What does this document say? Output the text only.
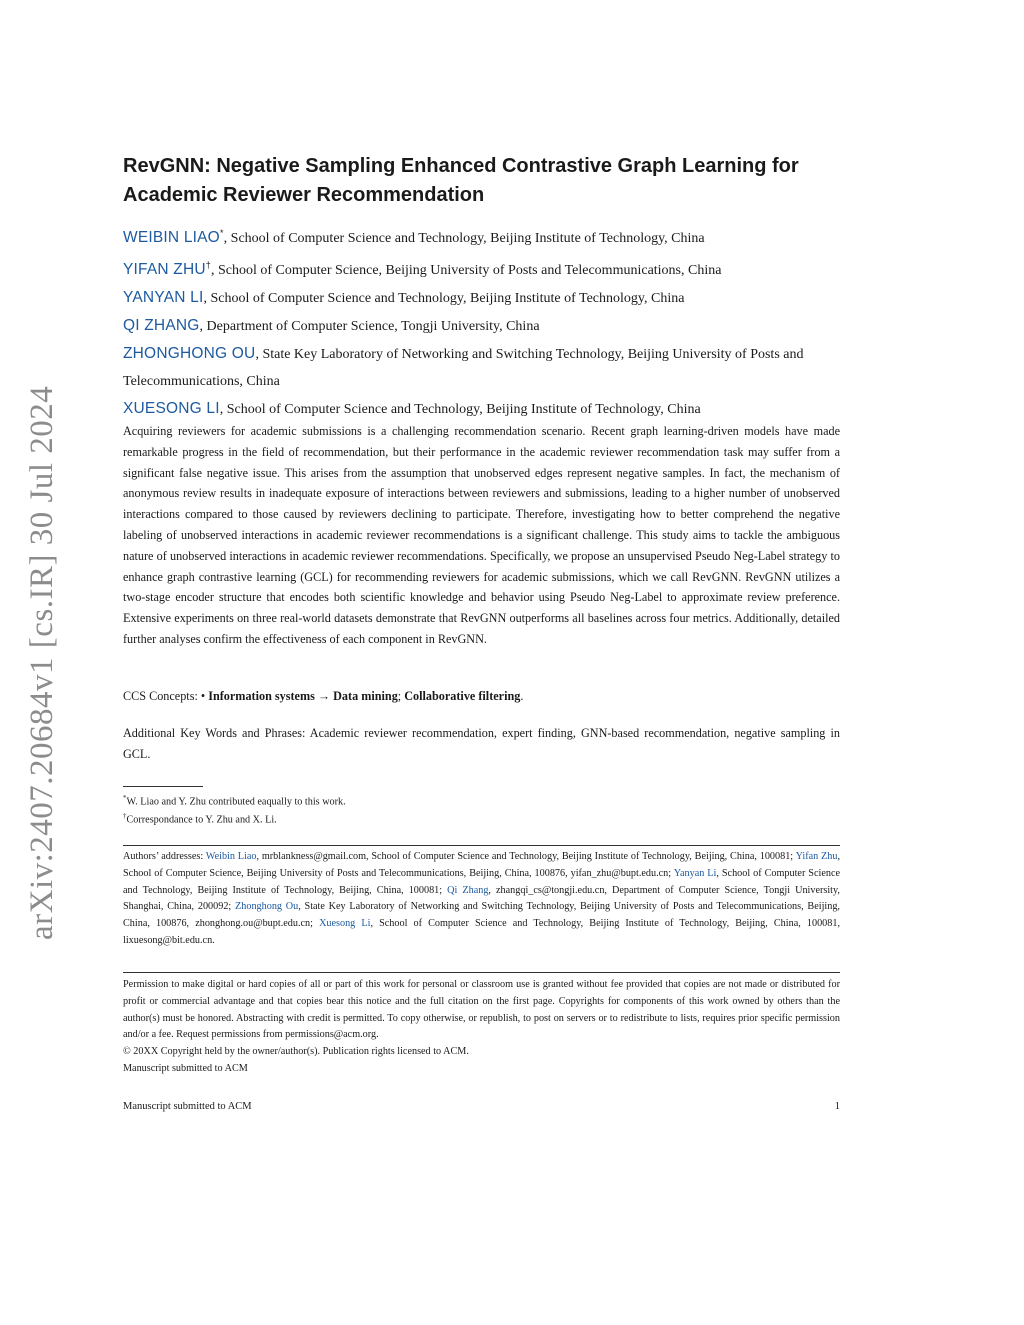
arXiv:2407.20684v1 [cs.IR] 30 Jul 2024
RevGNN: Negative Sampling Enhanced Contrastive Graph Learning for Academic Reviewer Recommendation
WEIBIN LIAO*, School of Computer Science and Technology, Beijing Institute of Technology, China
YIFAN ZHU†, School of Computer Science, Beijing University of Posts and Telecommunications, China
YANYAN LI, School of Computer Science and Technology, Beijing Institute of Technology, China
QI ZHANG, Department of Computer Science, Tongji University, China
ZHONGHONG OU, State Key Laboratory of Networking and Switching Technology, Beijing University of Posts and Telecommunications, China
XUESONG LI, School of Computer Science and Technology, Beijing Institute of Technology, China

Acquiring reviewers for academic submissions is a challenging recommendation scenario. Recent graph learning-driven models have made remarkable progress in the field of recommendation, but their performance in the academic reviewer recommendation task may suffer from a significant false negative issue. This arises from the assumption that unobserved edges represent negative samples. In fact, the mechanism of anonymous review results in inadequate exposure of interactions between reviewers and submissions, leading to a higher number of unobserved interactions compared to those caused by reviewers declining to participate. Therefore, investigating how to better comprehend the negative labeling of unobserved interactions in academic reviewer recommendations is a significant challenge. This study aims to tackle the ambiguous nature of unobserved interactions in academic reviewer recommendations. Specifically, we propose an unsupervised Pseudo Neg-Label strategy to enhance graph contrastive learning (GCL) for recommending reviewers for academic submissions, which we call RevGNN. RevGNN utilizes a two-stage encoder structure that encodes both scientific knowledge and behavior using Pseudo Neg-Label to approximate review preference. Extensive experiments on three real-world datasets demonstrate that RevGNN outperforms all baselines across four metrics. Additionally, detailed further analyses confirm the effectiveness of each component in RevGNN.

CCS Concepts: • Information systems → Data mining; Collaborative filtering.
Additional Key Words and Phrases: Academic reviewer recommendation, expert finding, GNN-based recommendation, negative sampling in GCL.
*W. Liao and Y. Zhu contributed eaqually to this work.
†Correspondance to Y. Zhu and X. Li.
Authors’ addresses: Weibin Liao, mrblankness@gmail.com, School of Computer Science and Technology, Beijing Institute of Technology, Beijing, China, 100081; Yifan Zhu, School of Computer Science, Beijing University of Posts and Telecommunications, Beijing, China, 100876, yifan_zhu@bupt.edu.cn; Yanyan Li, School of Computer Science and Technology, Beijing Institute of Technology, Beijing, China, 100081; Qi Zhang, zhangqi_cs@tongji.edu.cn, Department of Computer Science, Tongji University, Shanghai, China, 200092; Zhonghong Ou, State Key Laboratory of Networking and Switching Technology, Beijing University of Posts and Telecommunications, Beijing, China, 100876, zhonghong.ou@bupt.edu.cn; Xuesong Li, School of Computer Science and Technology, Beijing Institute of Technology, Beijing, China, 100081, lixuesong@bit.edu.cn.
Permission to make digital or hard copies of all or part of this work for personal or classroom use is granted without fee provided that copies are not made or distributed for profit or commercial advantage and that copies bear this notice and the full citation on the first page. Copyrights for components of this work owned by others than the author(s) must be honored. Abstracting with credit is permitted. To copy otherwise, or republish, to post on servers or to redistribute to lists, requires prior specific permission and/or a fee. Request permissions from permissions@acm.org.
© 20XX Copyright held by the owner/author(s). Publication rights licensed to ACM.
Manuscript submitted to ACM
Manuscript submitted to ACM	1
